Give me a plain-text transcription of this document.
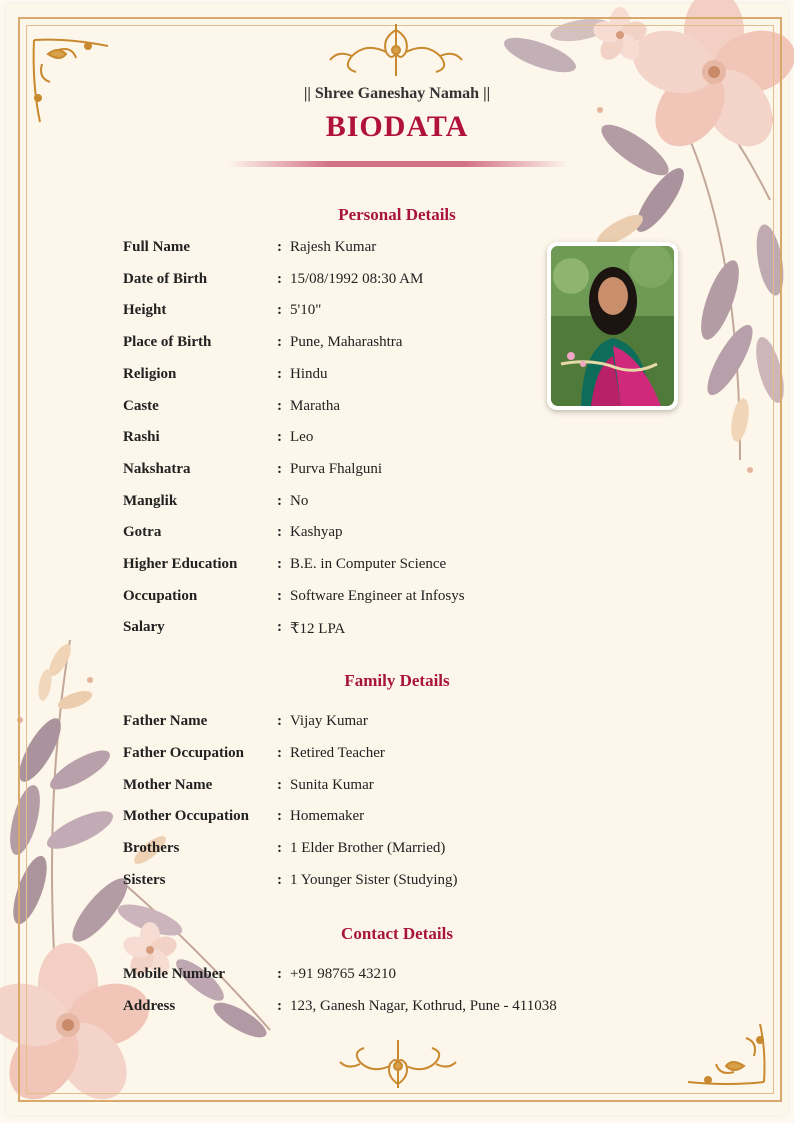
|| Shree Ganeshay Namah ||
BIODATA
Personal Details
Full Name	: Rajesh Kumar
Date of Birth	: 15/08/1992 08:30 AM
Height	: 5'10"
Place of Birth	: Pune, Maharashtra
Religion	: Hindu
Caste	: Maratha
Rashi	: Leo
Nakshatra	: Purva Fhalguni
Manglik	: No
Gotra	: Kashyap
Higher Education	: B.E. in Computer Science
Occupation	: Software Engineer at Infosys
Salary	: ₹12 LPA
Family Details
Father Name	: Vijay Kumar
Father Occupation	: Retired Teacher
Mother Name	: Sunita Kumar
Mother Occupation	: Homemaker
Brothers	: 1 Elder Brother (Married)
Sisters	: 1 Younger Sister (Studying)
Contact Details
Mobile Number	: +91 98765 43210
Address	: 123, Ganesh Nagar, Kothrud, Pune - 411038
